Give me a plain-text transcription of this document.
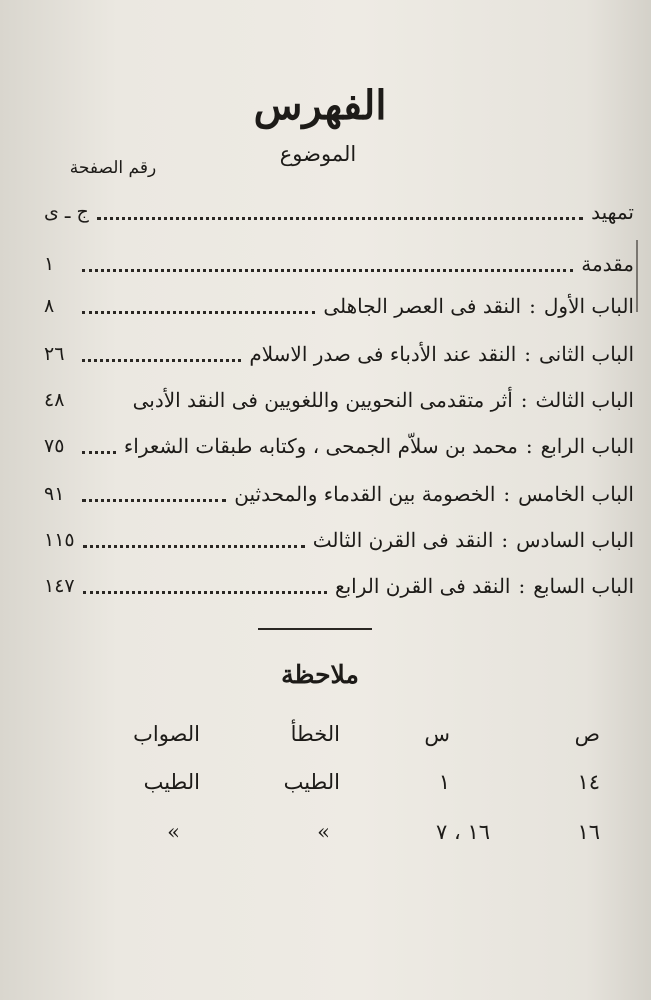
الفهرس
الموضوع
رقم الصفحة
تمهيد
ج ـ ى
مقدمة
١
الباب الأول
:
النقد فى العصر الجاهلى
٨
الباب الثانى
:
النقد عند الأدباء فى صدر الاسلام
٢٦
الباب الثالث
:
أثر متقدمى النحويين واللغويين فى النقد الأدبى
٤٨
الباب الرابع
:
محمد بن سلاّم الجمحى ، وكتابه طبقات الشعراء
٧٥
الباب الخامس
:
الخصومة بين القدماء والمحدثين
٩١
الباب السادس
:
النقد فى القرن الثالث
١١٥
الباب السابع
:
النقد فى القرن الرابع
١٤٧
ملاحظة
ص
س
الخطأ
الصواب
١٤
١
الطيب
الطيب
١٦
١٦ ، ٧
»
»
